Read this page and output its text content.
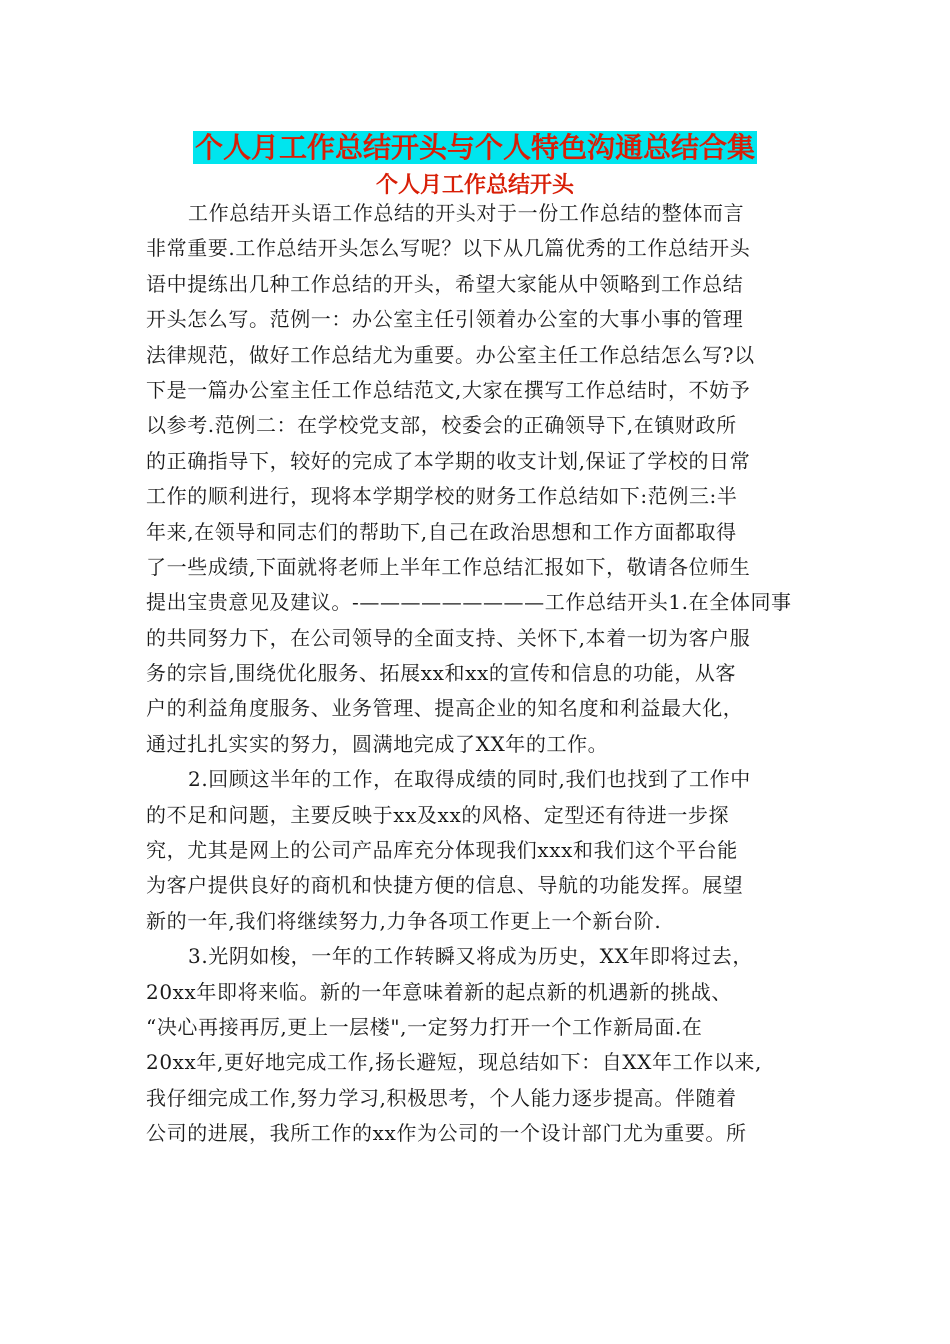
个人月工作总结开头与个人特色沟通总结合集
个人月工作总结开头
工作总结开头语工作总结的开头对于一份工作总结的整体而言
非常重要.工作总结开头怎么写呢？以下从几篇优秀的工作总结开头
语中提练出几种工作总结的开头，希望大家能从中领略到工作总结
开头怎么写。范例一：办公室主任引领着办公室的大事小事的管理
法律规范，做好工作总结尤为重要。办公室主任工作总结怎么写?以
下是一篇办公室主任工作总结范文,大家在撰写工作总结时，不妨予
以参考.范例二：在学校党支部，校委会的正确领导下,在镇财政所
的正确指导下，较好的完成了本学期的收支计划,保证了学校的日常
工作的顺利进行，现将本学期学校的财务工作总结如下:范例三:半
年来,在领导和同志们的帮助下,自己在政治思想和工作方面都取得
了一些成绩,下面就将老师上半年工作总结汇报如下，敬请各位师生
提出宝贵意见及建议。-—————————工作总结开头1.在全体同事
的共同努力下，在公司领导的全面支持、关怀下,本着一切为客户服
务的宗旨,围绕优化服务、拓展xx和xx的宣传和信息的功能，从客
户的利益角度服务、业务管理、提高企业的知名度和利益最大化，
通过扎扎实实的努力，圆满地完成了XX年的工作。
2.回顾这半年的工作，在取得成绩的同时,我们也找到了工作中
的不足和问题，主要反映于xx及xx的风格、定型还有待进一步探
究，尤其是网上的公司产品库充分体现我们xxx和我们这个平台能
为客户提供良好的商机和快捷方便的信息、导航的功能发挥。展望
新的一年,我们将继续努力,力争各项工作更上一个新台阶.
3.光阴如梭，一年的工作转瞬又将成为历史，XX年即将过去，
20xx年即将来临。新的一年意味着新的起点新的机遇新的挑战、
“决心再接再厉,更上一层楼",一定努力打开一个工作新局面.在
20xx年,更好地完成工作,扬长避短，现总结如下：自XX年工作以来,
我仔细完成工作,努力学习,积极思考，个人能力逐步提高。伴随着
公司的进展，我所工作的xx作为公司的一个设计部门尤为重要。所
